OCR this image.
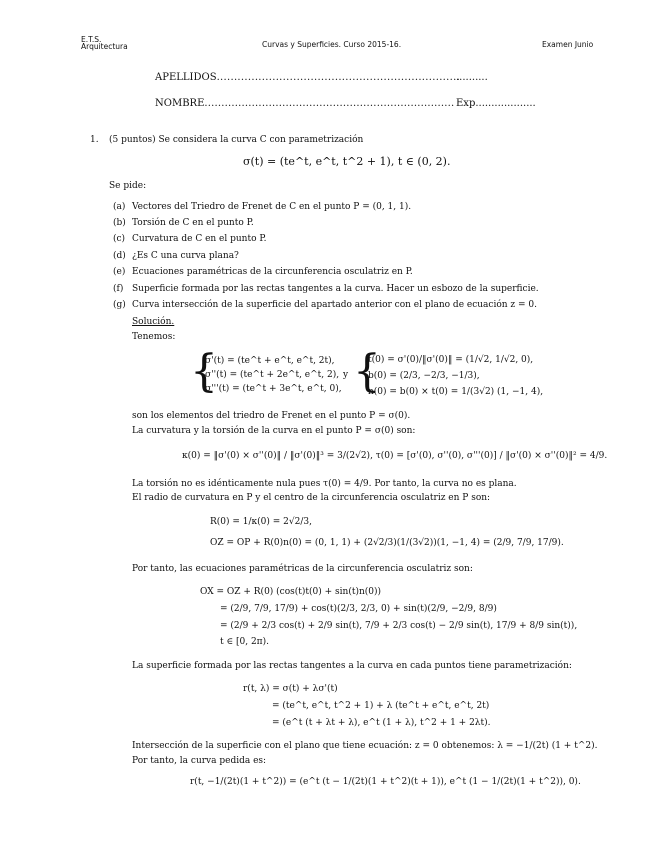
E.T.S.
Arquitectura	Curvas y Superficies. Curso 2015-16.	Examen Junio
APELLIDOS......................................................................
..........
NOMBRE.......................................................................... Exp...................
1. (5 puntos) Se considera la curva C con parametrización
σ(t) = (te^t, e^t, t^2 + 1), t ∈ (0, 2).
Se pide:
(a) Vectores del Triedro de Frenet de C en el punto P = (0, 1, 1).
(b) Torsión de C en el punto P.
(c) Curvatura de C en el punto P.
(d) ¿Es C una curva plana?
(e) Ecuaciones paramétricas de la circunferencia osculatriz en P.
(f) Superficie formada por las rectas tangentes a la curva. Hacer un esbozo de la superficie.
(g) Curva intersección de la superficie del apartado anterior con el plano de ecuación z = 0.
Solución.
Tenemos:
{
σ'(t) = (te^t + e^t, e^t, 2t),
σ''(t) = (te^t + 2e^t, e^t, 2),
σ'''(t) = (te^t + 3e^t, e^t, 0),
y {
t(0) = σ'(0)/‖σ'(0)‖ = (1/√2, 1/√2, 0),
b(0) = (2/3, −2/3, −1/3),
n(0) = b(0) × t(0) = 1/(3√2) (1, −1, 4),
son los elementos del triedro de Frenet en el punto P = σ(0).
La curvatura y la torsión de la curva en el punto P = σ(0) son:
κ(0) = ‖σ'(0) × σ''(0)‖ / ‖σ'(0)‖³ = 3/(2√2), τ(0) = [σ'(0), σ''(0), σ'''(0)] / ‖σ'(0) × σ''(0)‖² = 4/9.
La torsión no es idénticamente nula pues τ(0) = 4/9. Por tanto, la curva no es plana.
El radio de curvatura en P y el centro de la circunferencia osculatriz en P son:
R(0) = 1/κ(0) = 2√2/3,
OZ = OP + R(0)n(0) = (0, 1, 1) + (2√2/3)(1/(3√2))(1, −1, 4) = (2/9, 7/9, 17/9).
Por tanto, las ecuaciones paramétricas de la circunferencia osculatriz son:
OX = OZ + R(0) (cos(t)t(0) + sin(t)n(0))
= (2/9, 7/9, 17/9) + cos(t)(2/3, 2/3, 0) + sin(t)(2/9, −2/9, 8/9)
= (2/9 + 2/3 cos(t) + 2/9 sin(t), 7/9 + 2/3 cos(t) − 2/9 sin(t), 17/9 + 8/9 sin(t)),
t ∈ [0, 2π).
La superficie formada por las rectas tangentes a la curva en cada puntos tiene parametrización:
r(t, λ) = σ(t) + λσ'(t)
= (te^t, e^t, t^2 + 1) + λ (te^t + e^t, e^t, 2t)
= (e^t (t + λt + λ), e^t (1 + λ), t^2 + 1 + 2λt).
Intersección de la superficie con el plano que tiene ecuación: z = 0 obtenemos: λ = −1/(2t) (1 + t^2).
Por tanto, la curva pedida es:
r(t, −1/(2t)(1 + t^2)) = (e^t (t − 1/(2t)(1 + t^2)(t + 1)), e^t (1 − 1/(2t)(1 + t^2)), 0).
